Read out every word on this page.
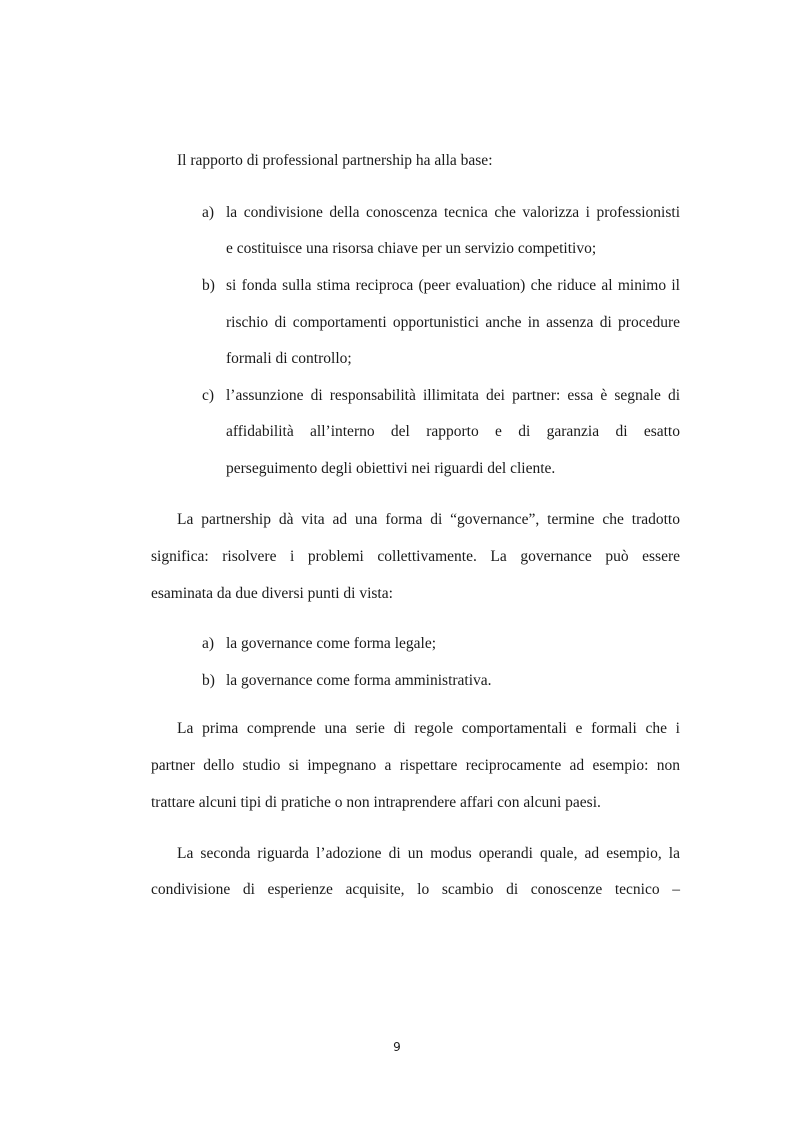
Il rapporto di professional partnership ha alla base:
a) la condivisione della conoscenza tecnica che valorizza i professionisti
e costituisce una risorsa chiave per un servizio competitivo;
b) si fonda sulla stima reciproca (peer evaluation) che riduce al minimo il
rischio di comportamenti opportunistici anche in assenza di procedure
formali di controllo;
c) l’assunzione di responsabilità illimitata dei partner: essa è segnale di
affidabilità all’interno del rapporto e di garanzia di esatto
perseguimento degli obiettivi nei riguardi del cliente.
La partnership dà vita ad una forma di “governance”, termine che tradotto
significa: risolvere i problemi collettivamente. La governance può essere
esaminata da due diversi punti di vista:
a) la governance come forma legale;
b) la governance come forma amministrativa.
La prima comprende una serie di regole comportamentali e formali che i
partner dello studio si impegnano a rispettare reciprocamente ad esempio: non
trattare alcuni tipi di pratiche o non intraprendere affari con alcuni paesi.
La seconda riguarda l’adozione di un modus operandi quale, ad esempio, la
condivisione di esperienze acquisite, lo scambio di conoscenze tecnico –
9
